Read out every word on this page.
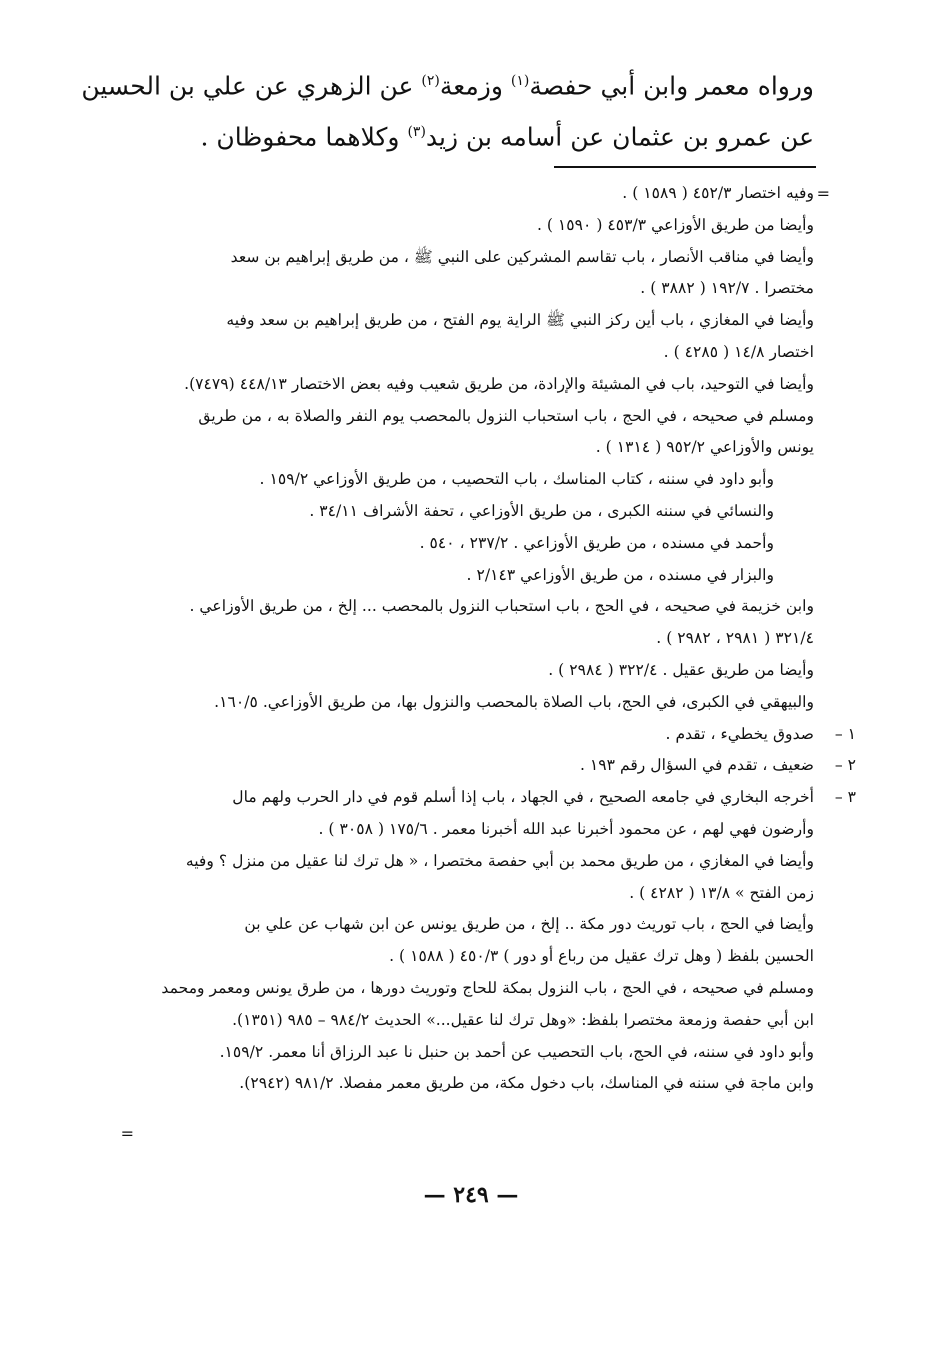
ورواه معمر وابن أبي حفصة$^{(١)}$ وزمعة$^{(٢)}$ عن الزهري عن علي بن الحسين
عن عمرو بن عثمان عن أسامه بن زيد$^{(٣)}$ وكلاهما محفوظان .
=
وفيه اختصار ٤٥٢/٣ ( ١٥٨٩ ) .
وأيضا من طريق الأوزاعي ٤٥٣/٣ ( ١٥٩٠ ) .
وأيضا في مناقب الأنصار ، باب تقاسم المشركين على النبي ﷺ ، من طريق إبراهيم بن سعد
مختصرا . ١٩٢/٧ ( ٣٨٨٢ ) .
وأيضا في المغازي ، باب أين ركز النبي ﷺ الراية يوم الفتح ، من طريق إبراهيم بن سعد وفيه
اختصار ١٤/٨ ( ٤٢٨٥ ) .
وأيضا في التوحيد، باب في المشيئة والإرادة، من طريق شعيب وفيه بعض الاختصار ٤٤٨/١٣ (٧٤٧٩).
ومسلم في صحيحه ، في الحج ، باب استحباب النزول بالمحصب يوم النفر والصلاة به ، من طريق
يونس والأوزاعي ٩٥٢/٢ ( ١٣١٤ ) .
وأبو داود في سننه ، كتاب المناسك ، باب التحصيب ، من طريق الأوزاعي ١٥٩/٢ .
والنسائي في سننه الكبرى ، من طريق الأوزاعي ، تحفة الأشراف ٣٤/١١ .
وأحمد في مسنده ، من طريق الأوزاعي . ٢٣٧/٢ ، ٥٤٠ .
والبزار في مسنده ، من طريق الأوزاعي ٢/١٤٣ .
وابن خزيمة في صحيحه ، في الحج ، باب استحباب النزول بالمحصب ... إلخ ، من طريق الأوزاعي .
٣٢١/٤ ( ٢٩٨١ ، ٢٩٨٢ ) .
وأيضا من طريق عقيل . ٣٢٢/٤ ( ٢٩٨٤ ) .
والبيهقي في الكبرى، في الحج، باب الصلاة بالمحصب والنزول بها، من طريق الأوزاعي. ١٦٠/٥.
١ –
صدوق يخطيء ، تقدم .
٢ –
ضعيف ، تقدم في السؤال رقم ١٩٣ .
٣ –
أخرجه البخاري في جامعه الصحيح ، في الجهاد ، باب إذا أسلم قوم في دار الحرب ولهم مال
وأرضون فهي لهم ، عن محمود أخبرنا عبد الله أخبرنا معمر . ١٧٥/٦ ( ٣٠٥٨ ) .
وأيضا في المغازي ، من طريق محمد بن أبي حفصة مختصرا ، « هل ترك لنا عقيل من منزل ؟ وفيه
زمن الفتح » ١٣/٨ ( ٤٢٨٢ ) .
وأيضا في الحج ، باب توريث دور مكة .. إلخ ، من طريق يونس عن ابن شهاب عن علي بن
الحسين بلفظ ( وهل ترك عقيل من رباع أو دور ) ٤٥٠/٣ ( ١٥٨٨ ) .
ومسلم في صحيحه ، في الحج ، باب النزول بمكة للحاج وتوريث دورها ، من طرق يونس ومعمر ومحمد
ابن أبي حفصة وزمعة مختصرا بلفظ: «وهل ترك لنا عقيل...» الحديث ٩٨٤/٢ – ٩٨٥ (١٣٥١).
وأبو داود في سننه، في الحج، باب التحصيب عن أحمد بن حنبل نا عبد الرزاق أنا معمر. ١٥٩/٢.
وابن ماجة في سننه في المناسك، باب دخول مكة، من طريق معمر مفصلا. ٩٨١/٢ (٢٩٤٢).
=
— ٢٤٩ —
